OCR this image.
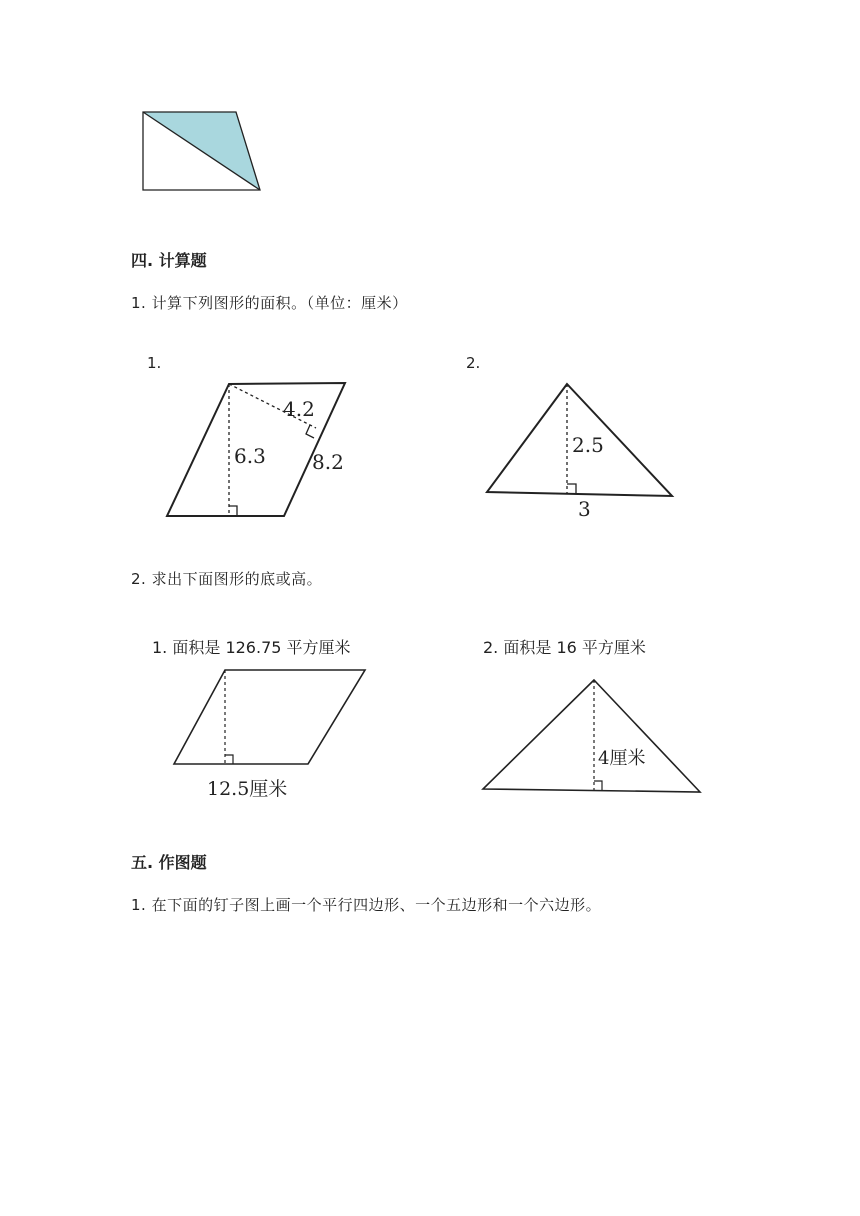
四. 计算题
1. 计算下列图形的面积。（单位：厘米）
1.	2.
4.2
6.3 8.2
2.5
3
2. 求出下面图形的底或高。
1. 面积是 126.75 平方厘米	2. 面积是 16 平方厘米
12.5厘米
4厘米
五. 作图题
1. 在下面的钉子图上画一个平行四边形、一个五边形和一个六边形。
